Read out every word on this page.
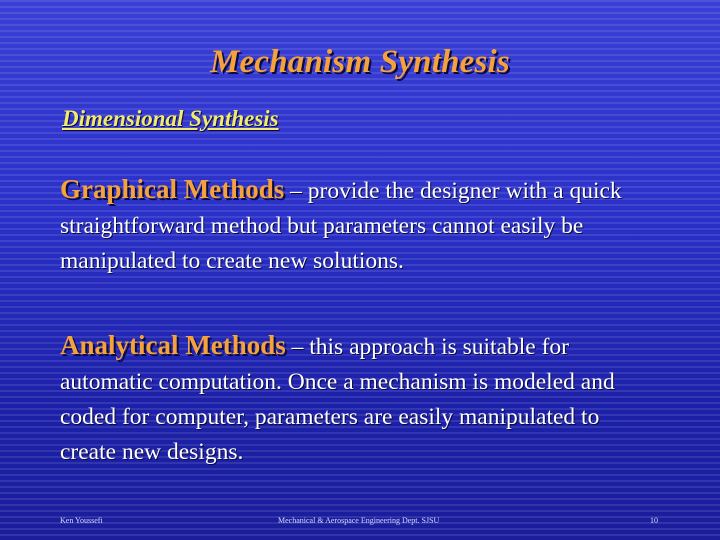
Mechanism Synthesis
Dimensional Synthesis
Graphical Methods – provide the designer with a quick straightforward method but parameters cannot easily be manipulated to create new solutions.
Analytical Methods – this approach is suitable for automatic computation. Once a mechanism is modeled and coded for computer, parameters are easily manipulated to create new designs.
Ken Youssefi	Mechanical & Aerospace Engineering Dept. SJSU	10
